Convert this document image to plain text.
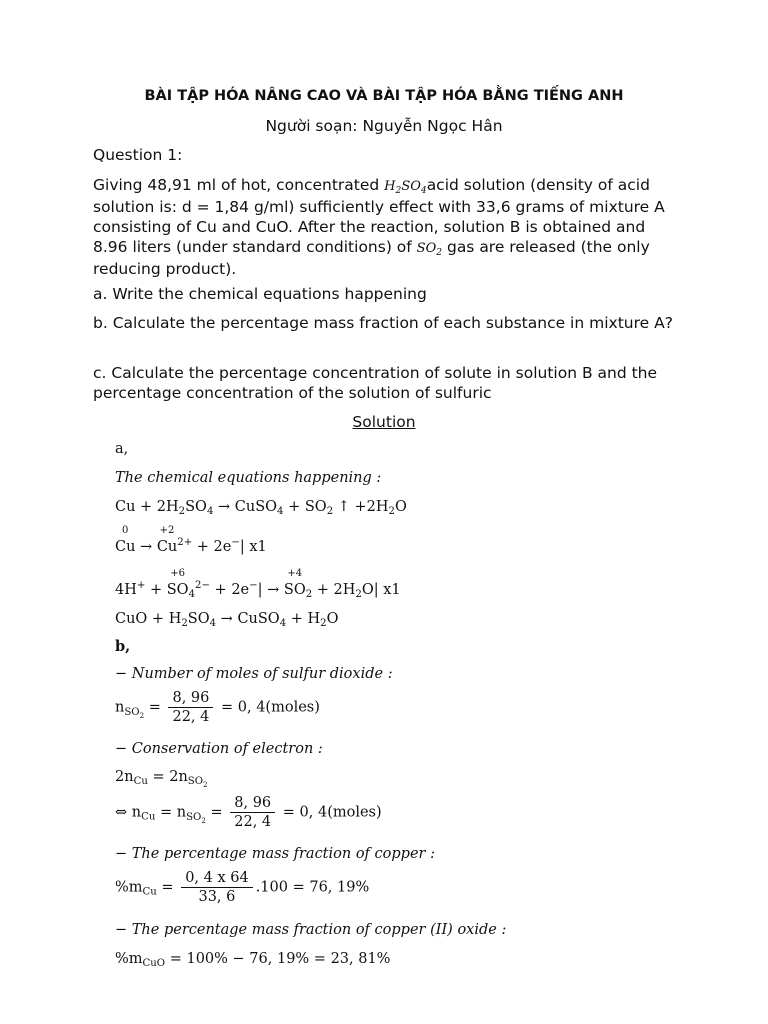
BÀI TẬP HÓA NÂNG CAO VÀ BÀI TẬP HÓA BẰNG TIẾNG ANH
Người soạn: Nguyễn Ngọc Hân
Question 1:
Giving 48,91 ml of hot, concentrated $H_2SO_4acid$ solution (density of acid solution is: d = 1,84 g/ml) sufficiently effect with 33,6 grams of mixture A consisting of Cu and CuO. After the reaction, solution B is obtained and 8.96 liters (under standard conditions) of $SO_2$ gas are released (the only reducing product).
a. Write the chemical equations happening
b. Calculate the percentage mass fraction of each substance in mixture A?
c. Calculate the percentage concentration of solute in solution B and the percentage concentration of the solution of sulfuric
Solution
a,
The chemical equations happening :
$Cu + 2H_2SO_4$ → CuSO$_4$ + $SO_2$ ↑ $+2H_2O$
Cu
0
→ Cu
+2
$^{2+}$ + 2e−| x1
4H+ + SO
+6
$_4^{2-}$ + 2e−| → SO
+4
$_2 + 2H_2O|$ x1
CuO + $H_2SO_4$ → CuSO$_4$ + $H_2O$
b,
− Number of moles of sulfur dioxide :
$n_{SO_2} = \frac{8, 96}{22, 4} = 0$, 4(moles)
− Conservation of electron :
$2n_{Cu} = 2n_{SO_2}$
⇔ $n_{Cu} = n_{SO_2} = \frac{8, 96}{22, 4} = 0$, 4(moles)
− The percentage mass fraction of copper :
$\%m_{Cu} = \frac{0, 4 x 64}{33, 6} .100 = 76$, 19%
− The percentage mass fraction of copper (II) oxide :
$\%m_{CuO} = 100\% - 76$, 19% = 23, 81%
